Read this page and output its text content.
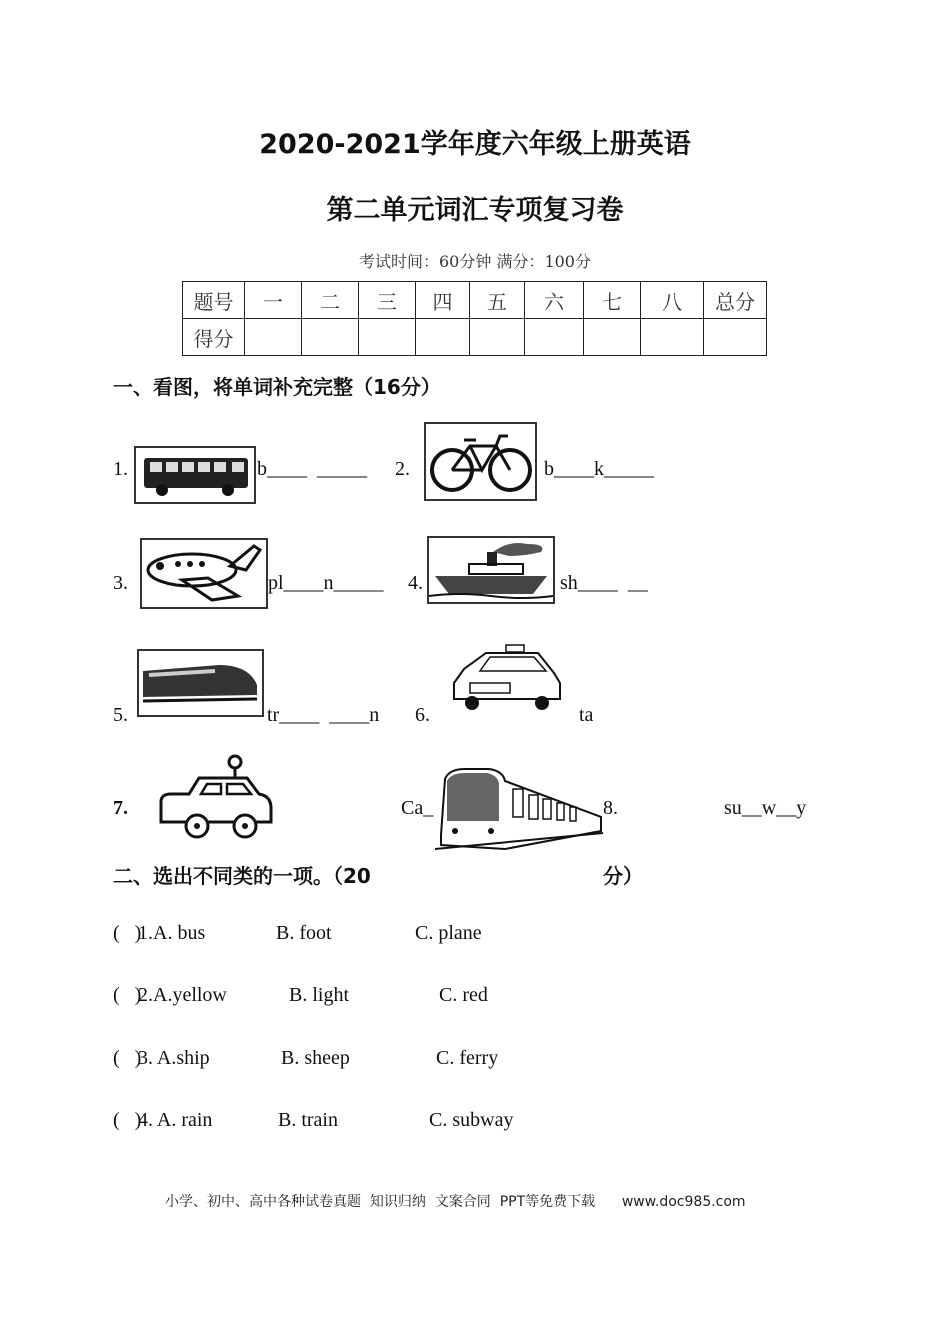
2020-2021学年度六年级上册英语
第二单元词汇专项复习卷
考试时间：60分钟 满分：100分
题号	一	二	三	四	五	六	七	八	总分
得分									
一、看图，将单词补充完整（16分）
1.	b____  _____ 2.	b____k_____
3.	pl____n_____ 4.	sh____  __
5.	tr____  ____n 6.	ta
7.	Ca_	8.	su__w__y
二、选出不同类的一项。（20	分）
(   )
1.A. bus	B. foot	C. plane
(   )
2.A.yellow	B. light	C. red
(   )
3. A.ship	B. sheep	C. ferry
(   )
4. A. rain	B. train	C. subway
小学、初中、高中各种试卷真题  知识归纳  文案合同  PPT等免费下载      www.doc985.com
